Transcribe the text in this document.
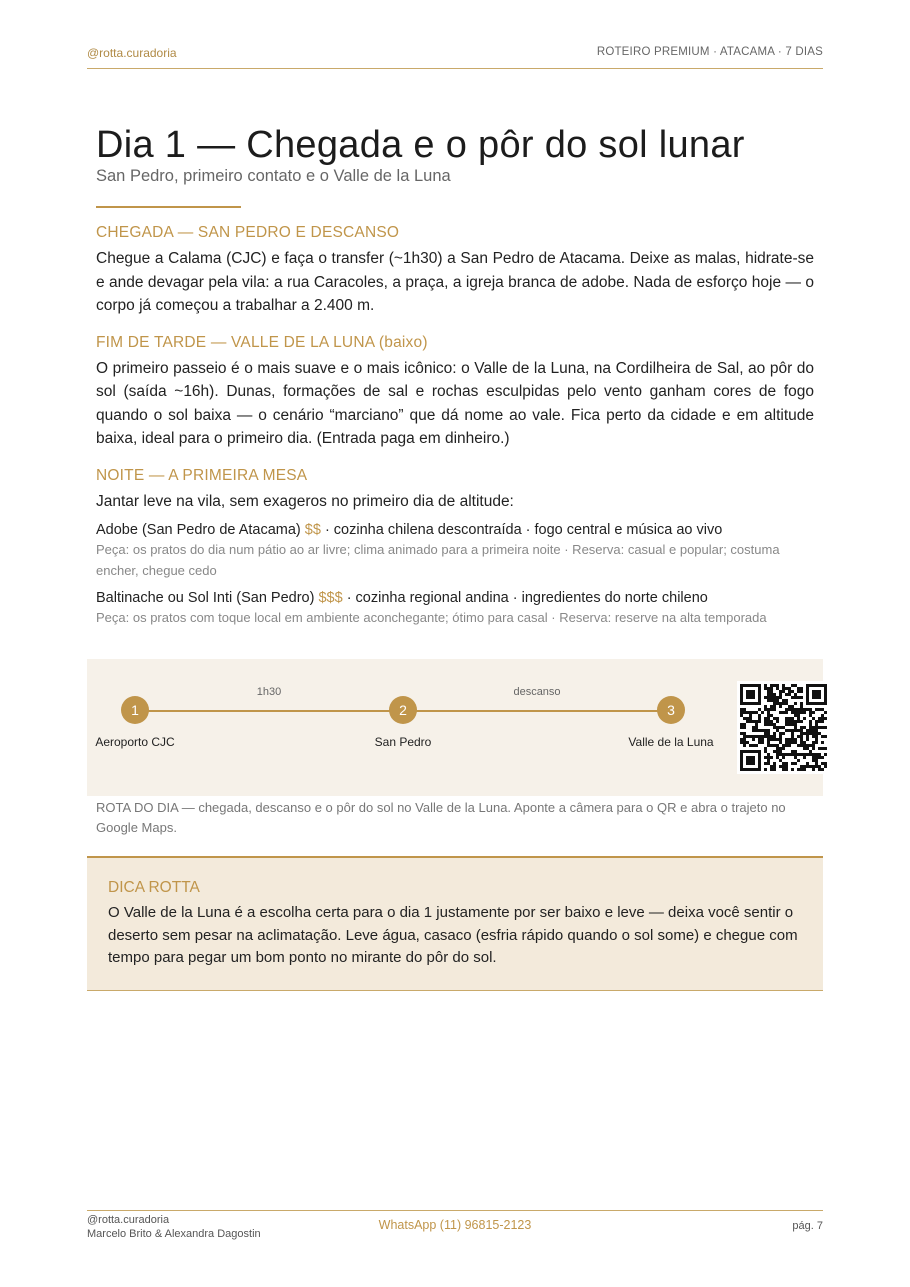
@rotta.curadoria	ROTEIRO PREMIUM · ATACAMA · 7 DIAS
Dia 1 — Chegada e o pôr do sol lunar
San Pedro, primeiro contato e o Valle de la Luna
CHEGADA — SAN PEDRO E DESCANSO
Chegue a Calama (CJC) e faça o transfer (~1h30) a San Pedro de Atacama. Deixe as malas, hidrate-se e ande devagar pela vila: a rua Caracoles, a praça, a igreja branca de adobe. Nada de esforço hoje — o corpo já começou a trabalhar a 2.400 m.
FIM DE TARDE — VALLE DE LA LUNA (baixo)
O primeiro passeio é o mais suave e o mais icônico: o Valle de la Luna, na Cordilheira de Sal, ao pôr do sol (saída ~16h). Dunas, formações de sal e rochas esculpidas pelo vento ganham cores de fogo quando o sol baixa — o cenário “marciano” que dá nome ao vale. Fica perto da cidade e em altitude baixa, ideal para o primeiro dia. (Entrada paga em dinheiro.)
NOITE — A PRIMEIRA MESA
Jantar leve na vila, sem exageros no primeiro dia de altitude:
Adobe (San Pedro de Atacama) $$ · cozinha chilena descontraída · fogo central e música ao vivo
Peça: os pratos do dia num pátio ao ar livre; clima animado para a primeira noite · Reserva: casual e popular; costuma encher, chegue cedo
Baltinache ou Sol Inti (San Pedro) $$$ · cozinha regional andina · ingredientes do norte chileno
Peça: os pratos com toque local em ambiente aconchegante; ótimo para casal · Reserva: reserve na alta temporada
1h30	descanso
1	2	3
Aeroporto CJC	San Pedro	Valle de la Luna
ROTA DO DIA — chegada, descanso e o pôr do sol no Valle de la Luna. Aponte a câmera para o QR e abra o trajeto no Google Maps.
DICA ROTTA
O Valle de la Luna é a escolha certa para o dia 1 justamente por ser baixo e leve — deixa você sentir o deserto sem pesar na aclimatação. Leve água, casaco (esfria rápido quando o sol some) e chegue com tempo para pegar um bom ponto no mirante do pôr do sol.
@rotta.curadoria
Marcelo Brito & Alexandra Dagostin
WhatsApp (11) 96815-2123	pág. 7
